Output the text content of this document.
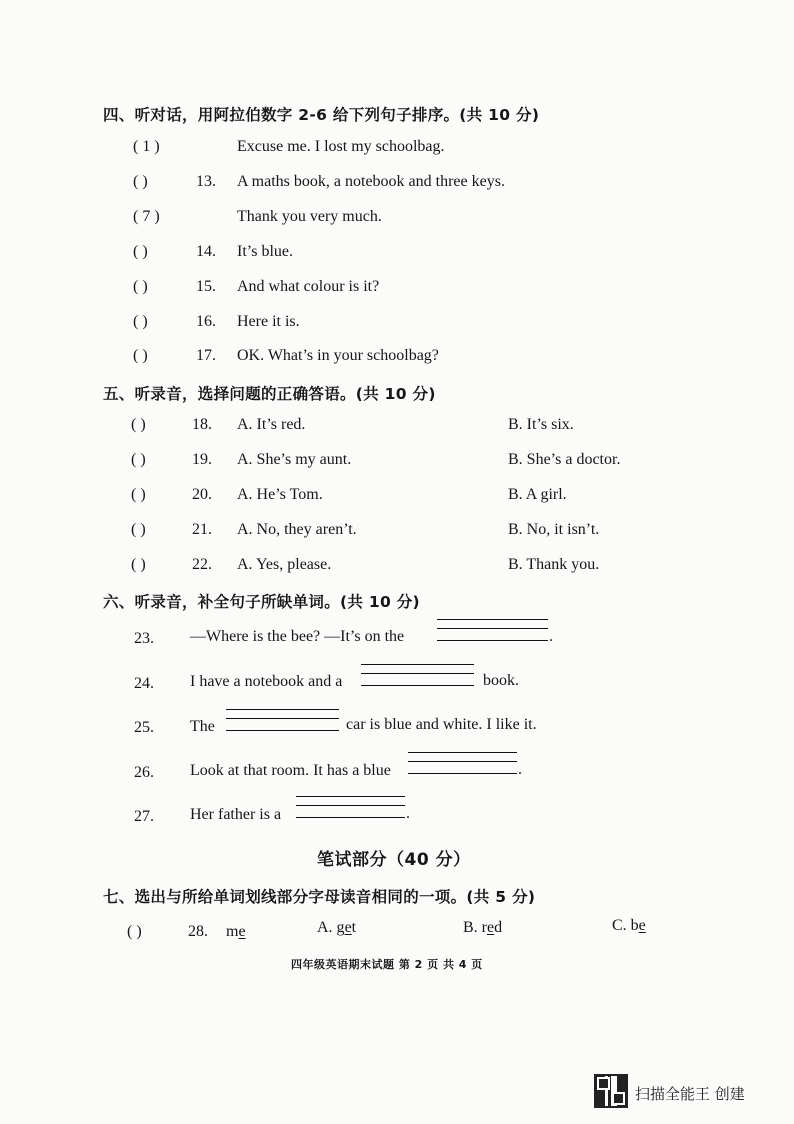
四、听对话，用阿拉伯数字 2-6 给下列句子排序。(共 10 分)
( 1 )	Excuse me. I lost my schoolbag.
( )	13. A maths book, a notebook and three keys.
( 7 )	Thank you very much.
( )	14. It’s blue.
( )	15. And what colour is it?
( )	16. Here it is.
( )	17. OK. What’s in your schoolbag?
五、听录音，选择问题的正确答语。(共 10 分)
( )	18. A. It’s red.	B. It’s six.
( )	19. A. She’s my aunt.	B. She’s a doctor.
( )	20. A. He’s Tom.	B. A girl.
( )	21. A. No, they aren’t.	B. No, it isn’t.
( )	22. A. Yes, please.	B. Thank you.
六、听录音，补全句子所缺单词。(共 10 分)
23. —Where is the bee? —It’s on the	.
24. I have a notebook and a	book.
25. The	car is blue and white. I like it.
26. Look at that room. It has a blue	.
27. Her father is a	.
笔试部分（40 分）
七、选出与所给单词划线部分字母读音相同的一项。(共 5 分)
( )	28. me	A. get	B. red	C. be
四年级英语期末试题 第 2 页 共 4 页
扫描全能王 创建
